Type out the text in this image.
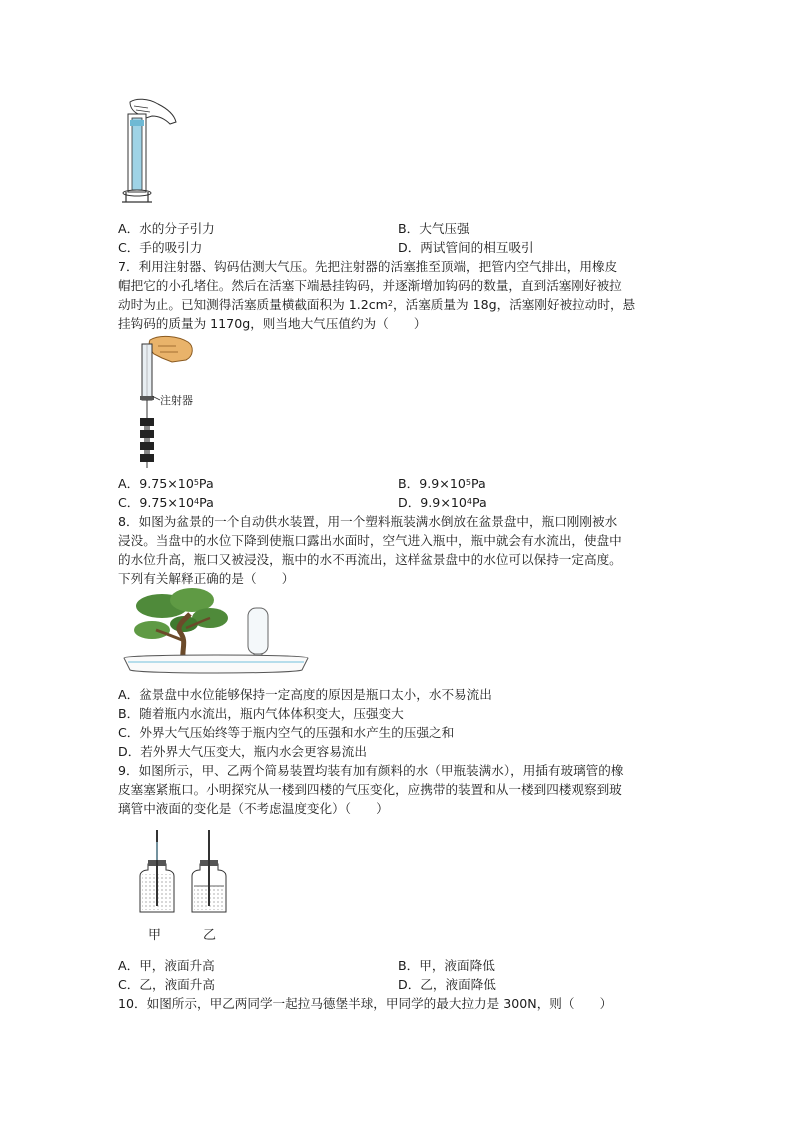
A．水的分子引力	B．大气压强
C．手的吸引力	D．两试管间的相互吸引
7．利用注射器、钩码估测大气压。先把注射器的活塞推至顶端，把管内空气排出，用橡皮
帽把它的小孔堵住。然后在活塞下端悬挂钩码，并逐渐增加钩码的数量，直到活塞刚好被拉
动时为止。已知测得活塞质量横截面积为 $1.2cm^2$，活塞质量为 18g，活塞刚好被拉动时，悬
挂钩码的质量为 1170g，则当地大气压值约为（　　）
注射器
A．$9.75\times 10^5Pa$	B．$9.9\times 10^5Pa$
C．$9.75\times 10^4Pa$	D．$9.9\times 10^4Pa$
8．如图为盆景的一个自动供水装置，用一个塑料瓶装满水倒放在盆景盘中，瓶口刚刚被水
浸没。当盘中的水位下降到使瓶口露出水面时，空气进入瓶中，瓶中就会有水流出，使盘中
的水位升高，瓶口又被浸没，瓶中的水不再流出，这样盆景盘中的水位可以保持一定高度。
下列有关解释正确的是（　　）
A．盆景盘中水位能够保持一定高度的原因是瓶口太小，水不易流出
B．随着瓶内水流出，瓶内气体体积变大，压强变大
C．外界大气压始终等于瓶内空气的压强和水产生的压强之和
D．若外界大气压变大，瓶内水会更容易流出
9．如图所示，甲、乙两个简易装置均装有加有颜料的水（甲瓶装满水），用插有玻璃管的橡
皮塞塞紧瓶口。小明探究从一楼到四楼的气压变化，应携带的装置和从一楼到四楼观察到玻
璃管中液面的变化是（不考虑温度变化）（　　）
甲	乙
A．甲，液面升高	B．甲，液面降低
C．乙，液面升高	D．乙，液面降低
10．如图所示，甲乙两同学一起拉马德堡半球，甲同学的最大拉力是 300N，则（　　）
